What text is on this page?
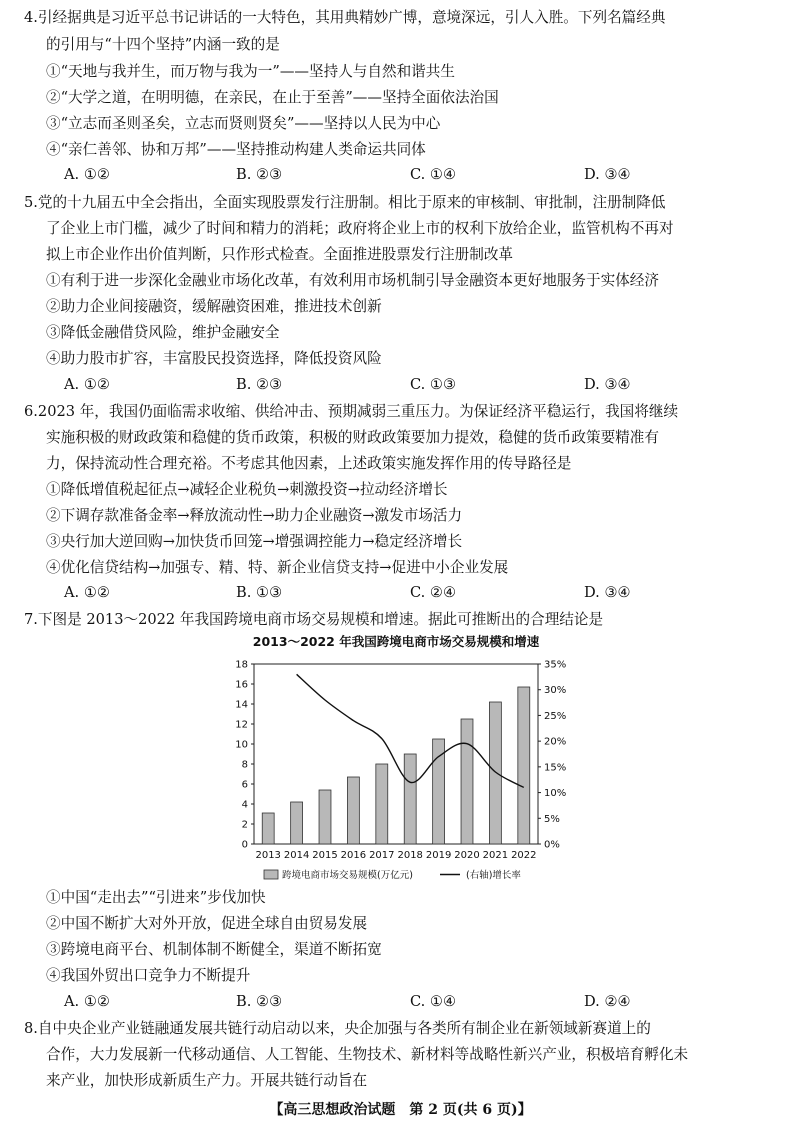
4.引经据典是习近平总书记讲话的一大特色，其用典精妙广博，意境深远，引人入胜。下列名篇经典
的引用与“十四个坚持”内涵一致的是
①“天地与我并生，而万物与我为一”——坚持人与自然和谐共生
②“大学之道，在明明德，在亲民，在止于至善”——坚持全面依法治国
③“立志而圣则圣矣，立志而贤则贤矣”——坚持以人民为中心
④“亲仁善邻、协和万邦”——坚持推动构建人类命运共同体
A. ①②	B. ②③	C. ①④	D. ③④
5.党的十九届五中全会指出，全面实现股票发行注册制。相比于原来的审核制、审批制，注册制降低
了企业上市门槛，减少了时间和精力的消耗；政府将企业上市的权利下放给企业，监管机构不再对
拟上市企业作出价值判断，只作形式检查。全面推进股票发行注册制改革
①有利于进一步深化金融业市场化改革，有效利用市场机制引导金融资本更好地服务于实体经济
②助力企业间接融资，缓解融资困难，推进技术创新
③降低金融借贷风险，维护金融安全
④助力股市扩容，丰富股民投资选择，降低投资风险
A. ①②	B. ②③	C. ①③	D. ③④
6.2023 年，我国仍面临需求收缩、供给冲击、预期减弱三重压力。为保证经济平稳运行，我国将继续
实施积极的财政政策和稳健的货币政策，积极的财政政策要加力提效，稳健的货币政策要精准有
力，保持流动性合理充裕。不考虑其他因素，上述政策实施发挥作用的传导路径是
①降低增值税起征点→减轻企业税负→刺激投资→拉动经济增长
②下调存款准备金率→释放流动性→助力企业融资→激发市场活力
③央行加大逆回购→加快货币回笼→增强调控能力→稳定经济增长
④优化信贷结构→加强专、精、特、新企业信贷支持→促进中小企业发展
A. ①②	B. ①③	C. ②④	D. ③④
7.下图是 2013～2022 年我国跨境电商市场交易规模和增速。据此可推断出的合理结论是
2013～2022 年我国跨境电商市场交易规模和增速
0
2
4
6
8
10
12
14
16
18
0%
5%
10%
15%
20%
25%
30%
35%
2013 2014 2015 2016 2017 2018 2019 2020 2021 2022
跨境电商市场交易规模(万亿元)	(右轴)增长率
①中国“走出去”“引进来”步伐加快
②中国不断扩大对外开放，促进全球自由贸易发展
③跨境电商平台、机制体制不断健全，渠道不断拓宽
④我国外贸出口竞争力不断提升
A. ①②	B. ②③	C. ①④	D. ②④
8.自中央企业产业链融通发展共链行动启动以来，央企加强与各类所有制企业在新领域新赛道上的
合作，大力发展新一代移动通信、人工智能、生物技术、新材料等战略性新兴产业，积极培育孵化未
来产业，加快形成新质生产力。开展共链行动旨在
【高三思想政治试题　第 2 页(共 6 页)】
